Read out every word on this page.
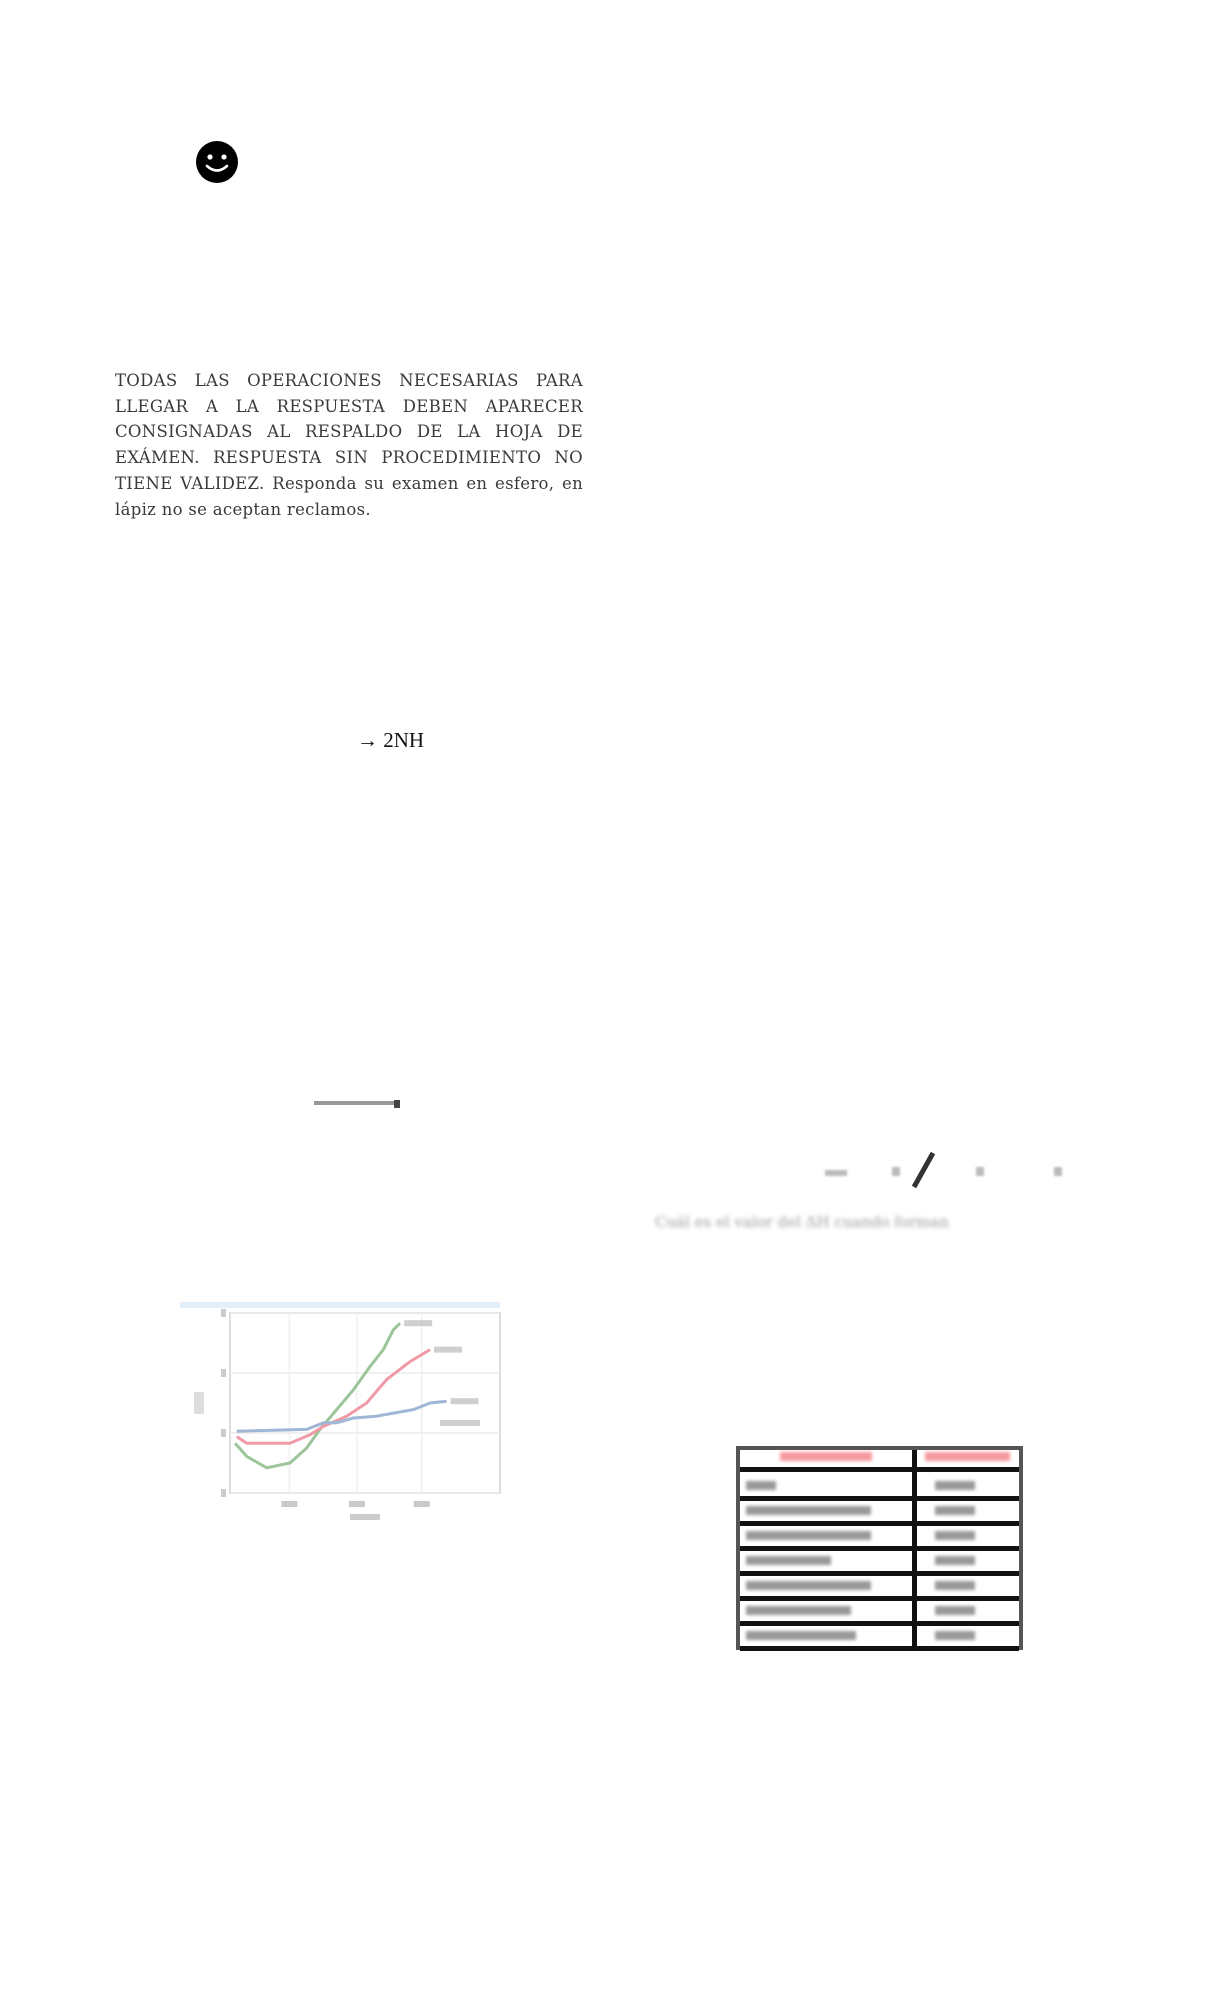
TODAS LAS OPERACIONES NECESARIAS PARA LLEGAR A LA RESPUESTA DEBEN APARECER CONSIGNADAS AL RESPALDO DE LA HOJA DE EXÁMEN. RESPUESTA SIN PROCEDIMIENTO NO TIENE VALIDEZ. Responda su examen en esfero, en lápiz no se aceptan reclamos.
→ 2NH
Cuál es el valor del ΔH cuando forman
